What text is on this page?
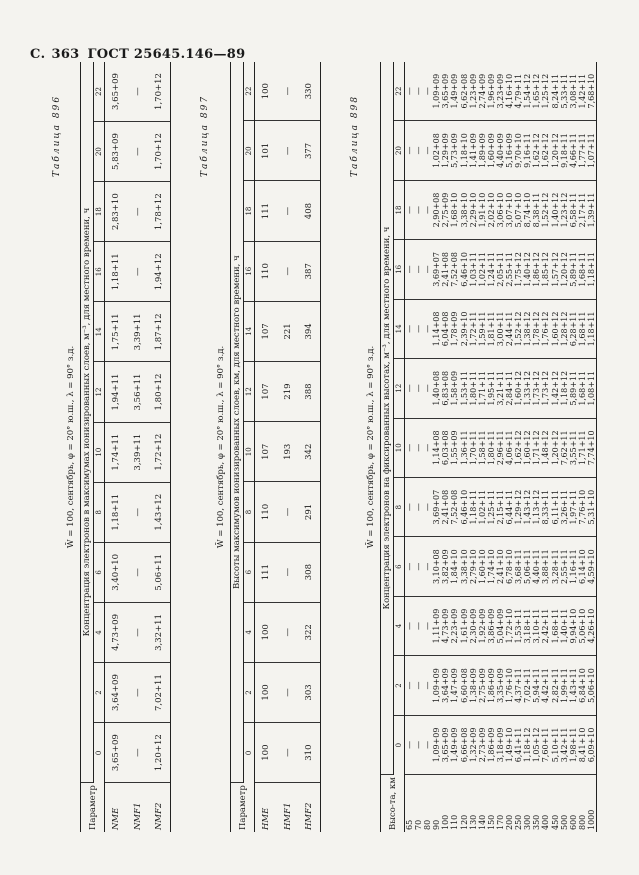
С. 363 ГОСТ 25645.146—89
Таблица 896
W̄ = 100, сентябрь, φ = 20° ю.ш., λ = 90° з.д.
Параметр	Концентрация электронов в максимумах ионизированных слоев, м⁻³, для местного времени, ч											
	0	2	4	6	8	10	12	14	16	18	20	22
NME	3,65+09	3,64+09	4,73+09	3,40+10	1,18+11	1,74+11	1,94+11	1,75+11	1,18+11	2,83+10	5,83+09	3,65+09
NMF1	—	—	—	—	—	3,39+11	3,56+11	3,39+11	—	—	—	—
NMF2	1,20+12	7,02+11	3,32+11	5,06+11	1,43+12	1,72+12	1,80+12	1,87+12	1,94+12	1,78+12	1,70+12	1,70+12
Таблица 897
W̄ = 100, сентябрь, φ = 20° ю.ш., λ = 90° з.д.
Параметр	Высоты максимумов ионизированных слоев, км, для местного времени, ч											
	0	2	4	6	8	10	12	14	16	18	20	22
HME	100	100	100	111	110	107	107	107	110	111	101	100
HMF1	—	—	—	—	—	193	219	221	—	—	—	—
HMF2	310	303	322	308	291	342	388	394	387	408	377	330
Таблица 898
W̄ = 100, сентябрь, φ = 20° ю.ш., λ = 90° з.д.
Высо-та, км	Концентрация электронов на фиксированных высотах, м⁻³, для местного времени, ч											
	0	2	4	6	8	10	12	14	16	18	20	22
65	—	—	—	—	—	—	—	—	—	—	—	—
70	—	—	—	—	—	—	—	—	—	—	—	—
80	—	—	—	—	—	—	—	—	—	—	—	—
90	1,09+09	1,09+09	1,11+09	3,10+08	3,69+07	1,14+08	1,40+08	1,14+08	3,69+07	2,90+08	1,02+08	1,09+09
100	3,65+09	3,64+09	4,73+09	3,82+09	2,41+08	6,03+08	6,83+08	6,04+08	2,41+08	2,75+09	1,29+09	3,65+09
110	1,49+09	1,47+09	2,23+09	1,84+10	7,52+08	1,55+09	1,58+09	1,78+09	7,52+08	1,68+10	5,73+09	1,49+09
120	6,66+08	6,60+08	1,61+09	3,38+10	6,46+10	1,36+11	1,53+11	2,39+10	6,46+10	3,38+10	1,18+10	6,62+08
130	1,32+09	1,38+09	2,30+09	2,79+10	1,18+11	1,70+11	1,80+11	1,72+11	1,03+11	2,29+10	1,41+09	1,23+09
140	2,73+09	2,75+09	1,92+09	1,60+10	1,02+11	1,58+11	1,71+11	1,59+11	1,02+11	1,91+10	1,89+09	2,74+09
150	1,86+09	1,86+09	3,86+09	1,74+10	1,25+11	1,80+11	1,95+11	1,81+11	1,24+11	2,02+10	1,60+09	1,96+09
170	3,18+09	3,35+09	5,04+09	2,41+10	2,15+11	2,96+11	3,21+11	3,00+11	2,05+11	3,06+10	4,40+09	3,23+09
200	1,49+10	1,76+10	1,72+10	6,78+10	6,44+11	4,06+11	2,84+11	2,44+11	2,55+11	3,07+10	5,16+09	4,16+10
250	6,41+11	4,37+11	1,53+11	3,68+11	1,29+12	1,62+12	1,60+12	1,52+12	1,75+12	5,07+10	9,70+10	4,79+11
300	1,18+12	7,02+11	3,18+11	5,06+11	1,43+12	1,60+12	1,33+12	1,38+12	1,40+12	8,74+10	9,16+11	1,54+12
350	1,05+12	5,94+11	3,10+11	4,40+11	1,13+12	1,71+12	1,73+12	1,78+12	1,86+12	8,38+11	1,62+12	1,65+12
400	7,60+11	4,42+11	2,42+11	3,88+11	8,33+11	1,48+12	1,73+12	1,76+12	1,85+12	1,52+12	1,62+12	1,25+12
450	5,10+11	2,82+11	1,68+11	3,28+11	6,11+11	1,20+12	1,42+12	1,60+12	1,57+12	1,40+12	1,20+12	8,24+11
500	3,42+11	1,99+11	1,40+11	2,55+11	3,26+11	7,62+11	1,18+12	1,28+12	1,20+12	1,23+12	9,18+11	5,33+11
600	1,98+11	1,43+11	9,94+10	1,16+11	1,97+11	3,55+11	5,89+11	6,28+11	5,89+11	6,58+11	4,66+11	3,08+11
800	8,41+10	6,84+10	5,06+10	6,14+10	7,76+10	1,71+11	1,68+11	1,68+11	1,68+11	2,17+11	1,77+11	1,42+11
1000	6,09+10	5,06+10	4,26+10	4,59+10	5,31+10	7,74+10	1,08+11	1,18+11	1,18+11	1,39+11	1,07+11	7,68+10
